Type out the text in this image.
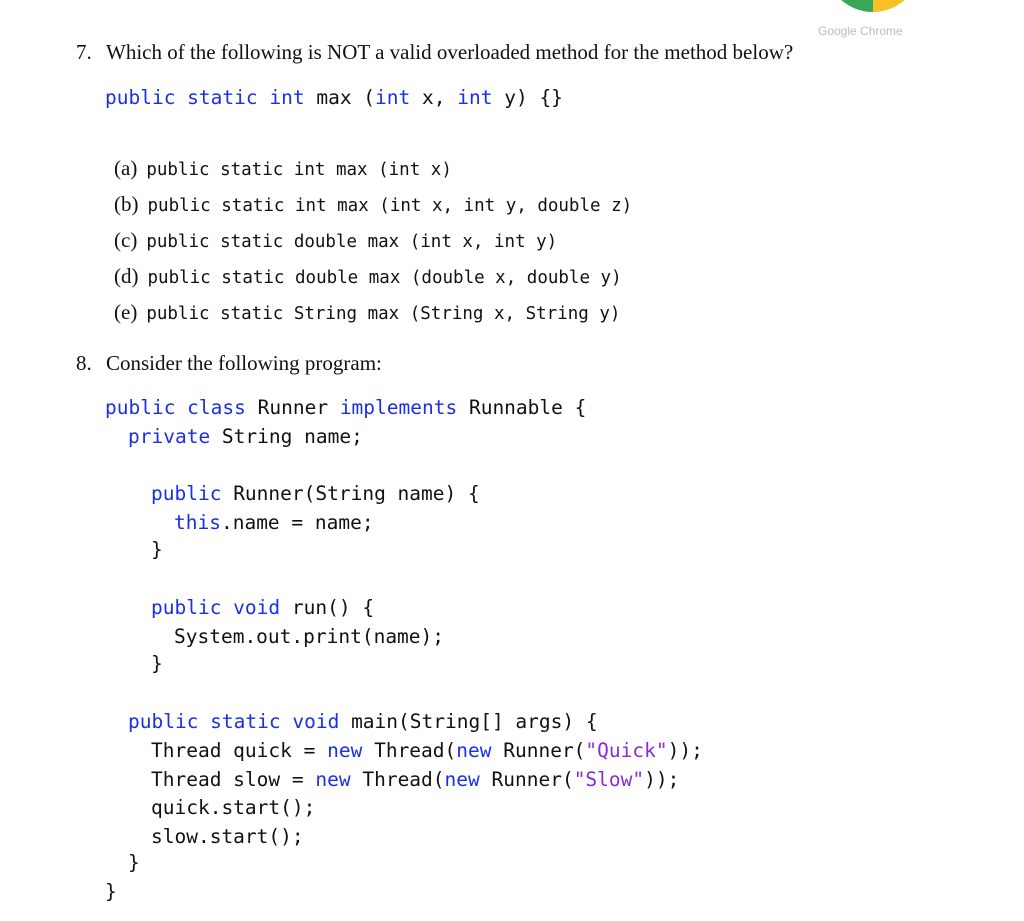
Google Chrome
7. Which of the following is NOT a valid overloaded method for the method below?
public static int max (int x, int y) {}
(a) public static int max (int x)
(b) public static int max (int x, int y, double z)
(c) public static double max (int x, int y)
(d) public static double max (double x, double y)
(e) public static String max (String x, String y)
8. Consider the following program:
public class Runner implements Runnable {
private String name;
public Runner(String name) {
this.name = name;
}
public void run() {
System.out.print(name);
}
public static void main(String[] args) {
Thread quick = new Thread(new Runner("Quick"));
Thread slow = new Thread(new Runner("Slow"));
quick.start();
slow.start();
}
}
